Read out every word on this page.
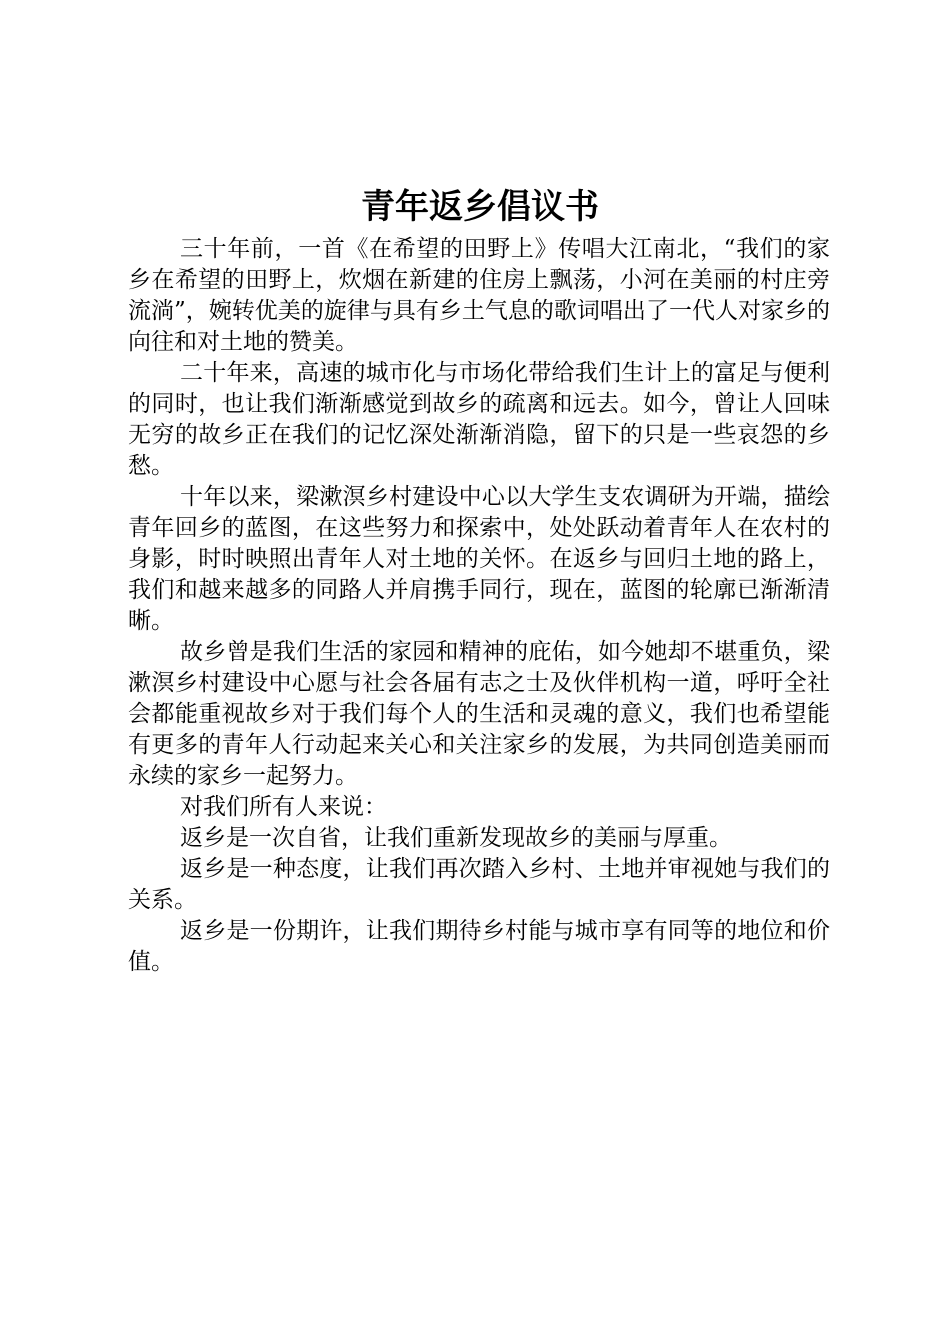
青年返乡倡议书

三十年前，一首《在希望的田野上》传唱大江南北，“我们的家乡在希望的田野上，炊烟在新建的住房上飘荡，小河在美丽的村庄旁流淌”，婉转优美的旋律与具有乡土气息的歌词唱出了一代人对家乡的向往和对土地的赞美。

二十年来，高速的城市化与市场化带给我们生计上的富足与便利的同时，也让我们渐渐感觉到故乡的疏离和远去。如今，曾让人回味无穷的故乡正在我们的记忆深处渐渐消隐，留下的只是一些哀怨的乡愁。

十年以来，梁漱溟乡村建设中心以大学生支农调研为开端，描绘青年回乡的蓝图，在这些努力和探索中，处处跃动着青年人在农村的身影，时时映照出青年人对土地的关怀。在返乡与回归土地的路上，我们和越来越多的同路人并肩携手同行，现在，蓝图的轮廓已渐渐清晰。

故乡曾是我们生活的家园和精神的庇佑，如今她却不堪重负，梁漱溟乡村建设中心愿与社会各届有志之士及伙伴机构一道，呼吁全社会都能重视故乡对于我们每个人的生活和灵魂的意义，我们也希望能有更多的青年人行动起来关心和关注家乡的发展，为共同创造美丽而永续的家乡一起努力。

对我们所有人来说：

返乡是一次自省，让我们重新发现故乡的美丽与厚重。

返乡是一种态度，让我们再次踏入乡村、土地并审视她与我们的关系。

返乡是一份期许，让我们期待乡村能与城市享有同等的地位和价值。
